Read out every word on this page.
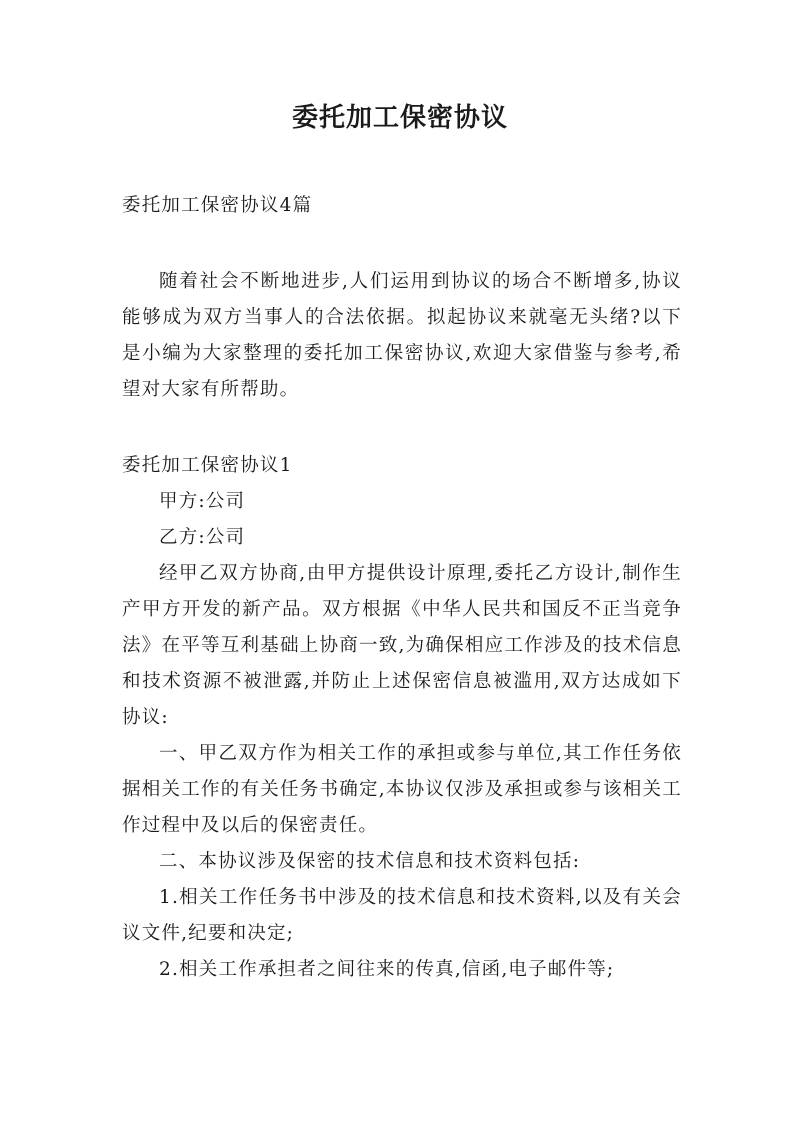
委托加工保密协议

委托加工保密协议4篇

随着社会不断地进步,人们运用到协议的场合不断增多,协议能够成为双方当事人的合法依据。拟起协议来就毫无头绪?以下是小编为大家整理的委托加工保密协议,欢迎大家借鉴与参考,希望对大家有所帮助。

委托加工保密协议1

甲方:公司

乙方:公司

经甲乙双方协商,由甲方提供设计原理,委托乙方设计,制作生产甲方开发的新产品。双方根据《中华人民共和国反不正当竞争法》在平等互利基础上协商一致,为确保相应工作涉及的技术信息和技术资源不被泄露,并防止上述保密信息被滥用,双方达成如下协议:

一、甲乙双方作为相关工作的承担或参与单位,其工作任务依据相关工作的有关任务书确定,本协议仅涉及承担或参与该相关工作过程中及以后的保密责任。

二、本协议涉及保密的技术信息和技术资料包括:

1.相关工作任务书中涉及的技术信息和技术资料,以及有关会议文件,纪要和决定;

2.相关工作承担者之间往来的传真,信函,电子邮件等;
